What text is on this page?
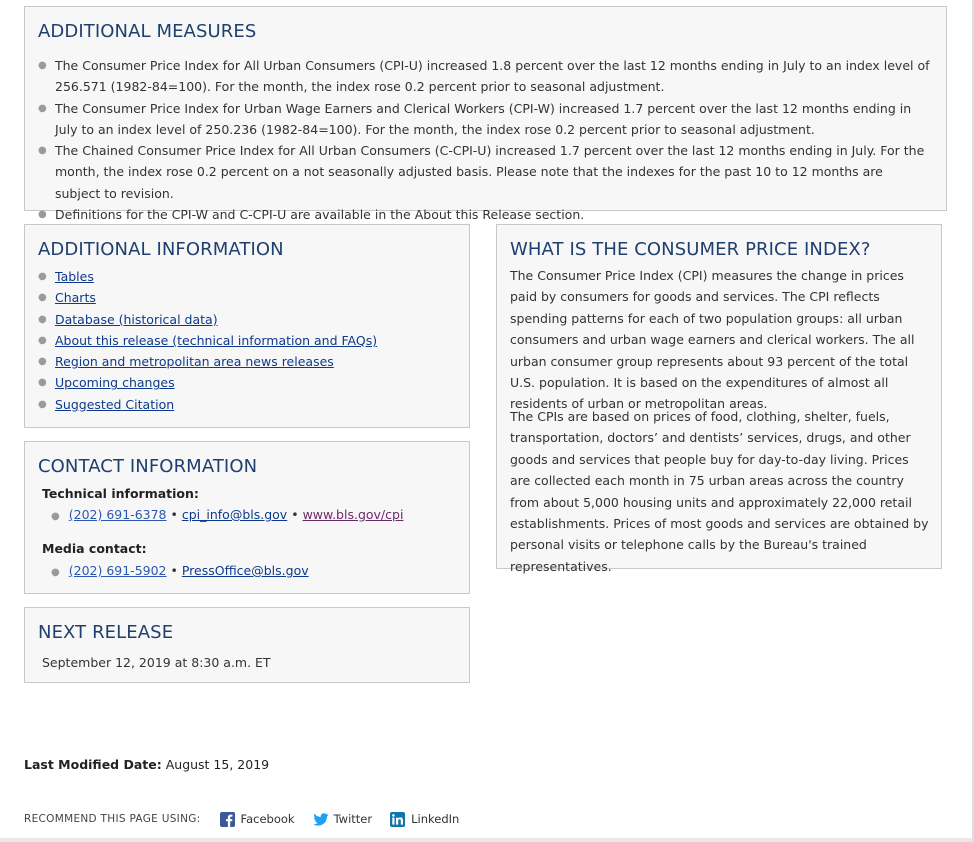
ADDITIONAL MEASURES
● The Consumer Price Index for All Urban Consumers (CPI-U) increased 1.8 percent over the last 12 months ending in July to an index level of 256.571 (1982-84=100). For the month, the index rose 0.2 percent prior to seasonal adjustment.
● The Consumer Price Index for Urban Wage Earners and Clerical Workers (CPI-W) increased 1.7 percent over the last 12 months ending in July to an index level of 250.236 (1982-84=100). For the month, the index rose 0.2 percent prior to seasonal adjustment.
● The Chained Consumer Price Index for All Urban Consumers (C-CPI-U) increased 1.7 percent over the last 12 months ending in July. For the month, the index rose 0.2 percent on a not seasonally adjusted basis. Please note that the indexes for the past 10 to 12 months are subject to revision.
● Definitions for the CPI-W and C-CPI-U are available in the About this Release section.
ADDITIONAL INFORMATION
● Tables
● Charts
● Database (historical data)
● About this release (technical information and FAQs)
● Region and metropolitan area news releases
● Upcoming changes
● Suggested Citation
CONTACT INFORMATION
Technical information:
● (202) 691-6378 • cpi_info@bls.gov • www.bls.gov/cpi
Media contact:
● (202) 691-5902 • PressOffice@bls.gov
NEXT RELEASE
September 12, 2019 at 8:30 a.m. ET
WHAT IS THE CONSUMER PRICE INDEX?

The Consumer Price Index (CPI) measures the change in prices paid by consumers for goods and services. The CPI reflects spending patterns for each of two population groups: all urban consumers and urban wage earners and clerical workers. The all urban consumer group represents about 93 percent of the total U.S. population. It is based on the expenditures of almost all residents of urban or metropolitan areas.

The CPIs are based on prices of food, clothing, shelter, fuels, transportation, doctors’ and dentists’ services, drugs, and other goods and services that people buy for day-to-day living. Prices are collected each month in 75 urban areas across the country from about 5,000 housing units and approximately 22,000 retail establishments. Prices of most goods and services are obtained by personal visits or telephone calls by the Bureau's trained representatives.

Last Modified Date: August 15, 2019
RECOMMEND THIS PAGE USING:	Facebook	Twitter	LinkedIn
